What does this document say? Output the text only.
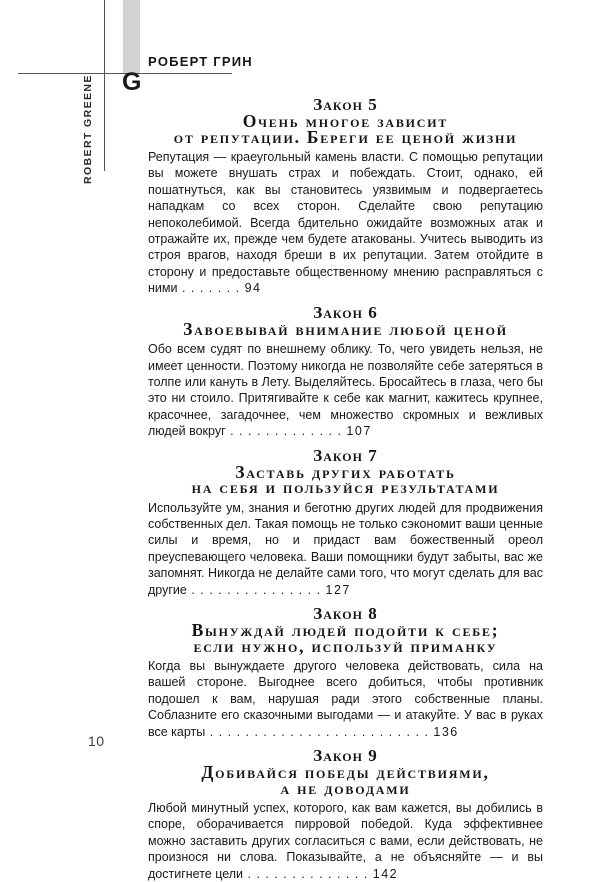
РОБЕРТ ГРИН
ROBERT GREENE G
Закон 5
Очень многое зависит
от репутации. Береги ее ценой жизни

Репутация — краеугольный камень власти. С помощью репутации вы можете внушать страх и побеждать. Стоит, однако, ей пошатнуться, как вы становитесь уязвимым и подвергаетесь нападкам со всех сторон. Сделайте свою репутацию непоколебимой. Всегда бдительно ожидайте возможных атак и отражайте их, прежде чем будете атакованы. Учитесь выводить из строя врагов, находя бреши в их репутации. Затем отойдите в сторону и предоставьте общественному мнению расправляться с ними . . . . . . . 94

Закон 6
Завоевывай внимание любой ценой

Обо всем судят по внешнему облику. То, чего увидеть нельзя, не имеет ценности. Поэтому никогда не позволяйте себе затеряться в толпе или кануть в Лету. Выделяйтесь. Бросайтесь в глаза, чего бы это ни стоило. Притягивайте к себе как магнит, кажитесь крупнее, красочнее, загадочнее, чем множество скромных и вежливых людей вокруг . . . . . . . . . . . . . 107

Закон 7
Заставь других работать
на себя и пользуйся результатами

Используйте ум, знания и беготню других людей для продвижения собственных дел. Такая помощь не только сэкономит ваши ценные силы и время, но и придаст вам божественный ореол преуспевающего человека. Ваши помощники будут забыты, вас же запомнят. Никогда не делайте сами того, что могут сделать для вас другие . . . . . . . . . . . . . . . 127

Закон 8
Вынуждай людей подойти к себе;
если нужно, используй приманку

Когда вы вынуждаете другого человека действовать, сила на вашей стороне. Выгоднее всего добиться, чтобы противник подошел к вам, нарушая ради этого собственные планы. Соблазните его сказочными выгодами — и атакуйте. У вас в руках все карты . . . . . . . . . . . . . . . . . . . . . . . . . 136

Закон 9
Добивайся победы действиями,
а не доводами

Любой минутный успех, которого, как вам кажется, вы добились в споре, оборачивается пирровой победой. Куда эффективнее можно заставить других согласиться с вами, если действовать, не произнося ни слова. Показывайте, а не объясняйте — и вы достигнете цели . . . . . . . . . . . . . . 142

10
